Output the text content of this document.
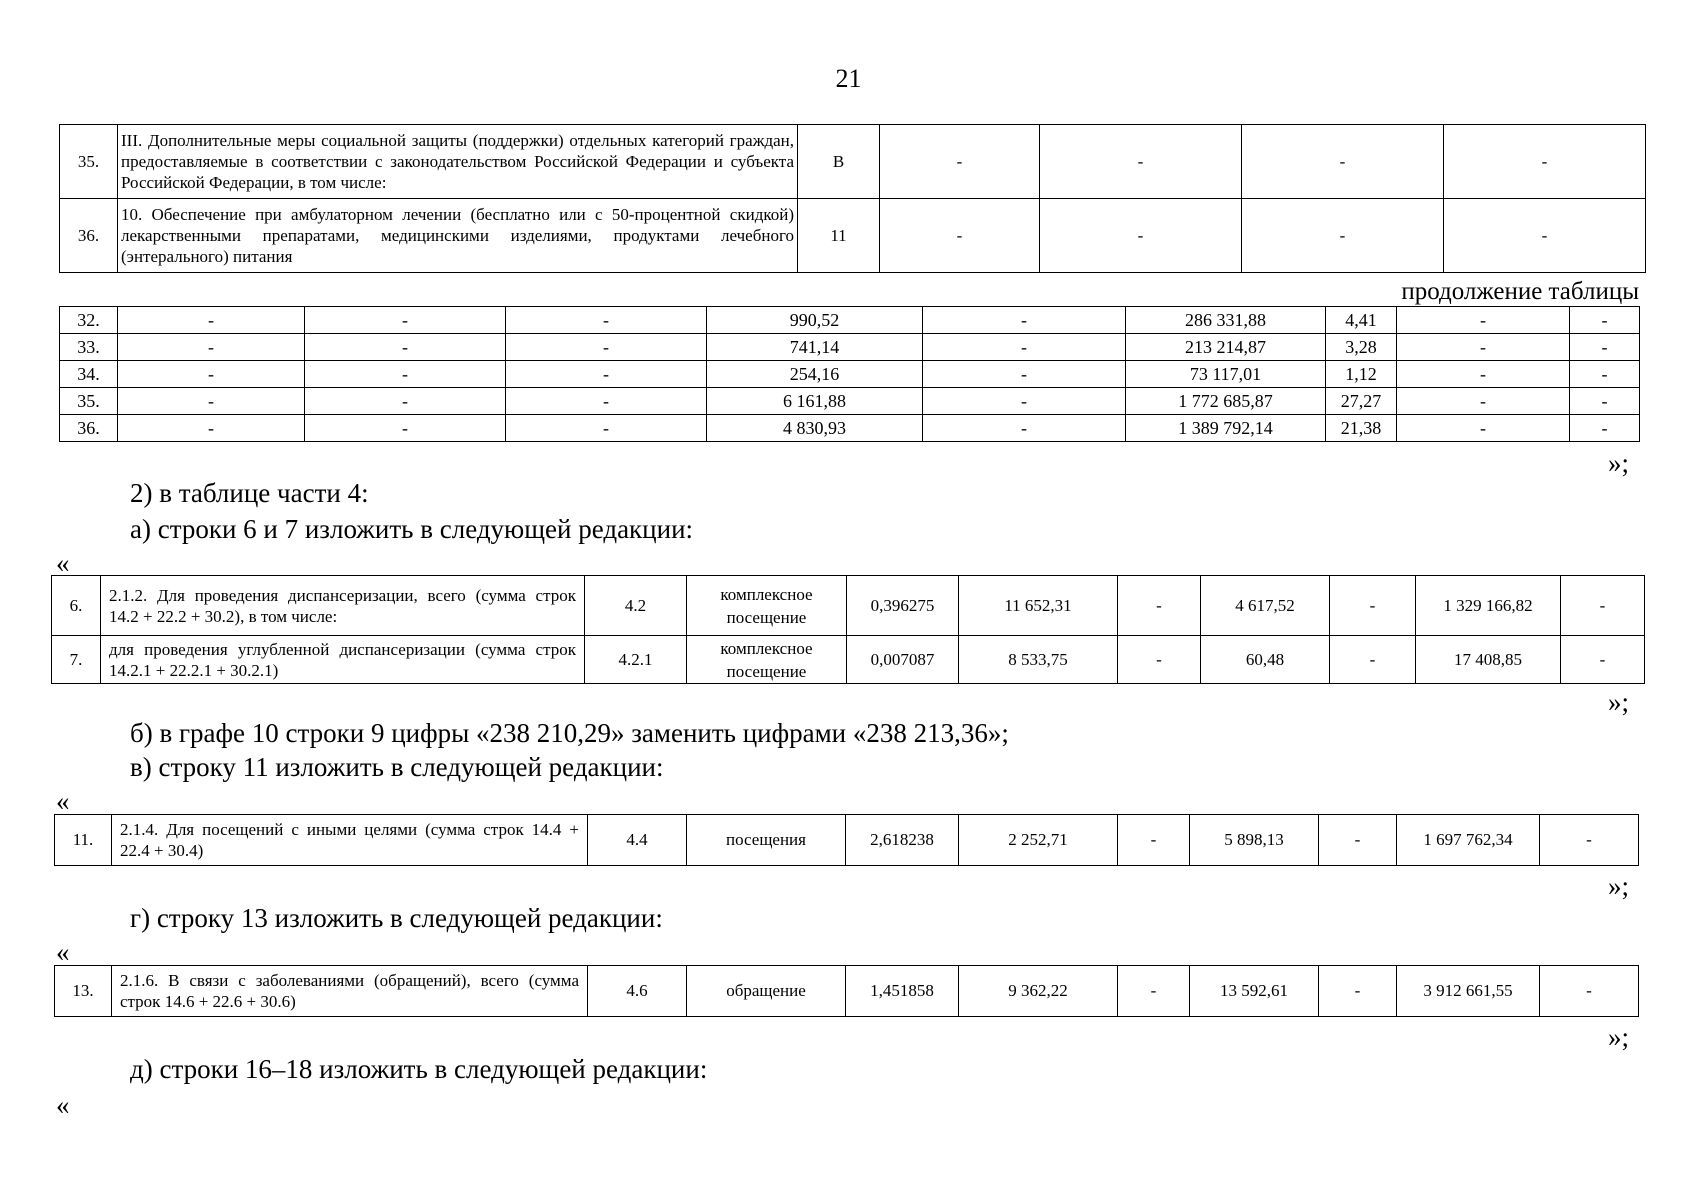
21
35.	III. Дополнительные меры социальной защиты (поддержки) отдельных категорий граждан, предоставляемые в соответствии с законодательством Российской Федерации и субъекта Российской Федерации, в том числе:	В	-	-	-	-
36.	10. Обеспечение при амбулаторном лечении (бесплатно или с 50-процентной скидкой) лекарственными препаратами, медицинскими изделиями, продуктами лечебного (энтерального) питания	11	-	-	-	-
продолжение таблицы
32.	-	-	-	990,52	-	286 331,88	4,41	-	-
33.	-	-	-	741,14	-	213 214,87	3,28	-	-
34.	-	-	-	254,16	-	73 117,01	1,12	-	-
35.	-	-	-	6 161,88	-	1 772 685,87	27,27	-	-
36.	-	-	-	4 830,93	-	1 389 792,14	21,38	-	-
»;
2) в таблице части 4:
а) строки 6 и 7 изложить в следующей редакции:
«
6.	2.1.2. Для проведения диспансеризации, всего (сумма строк 14.2 + 22.2 + 30.2), в том числе:	4.2	комплексное посещение	0,396275	11 652,31	-	4 617,52	-	1 329 166,82	-
7.	для проведения углубленной диспансеризации (сумма строк 14.2.1 + 22.2.1 + 30.2.1)	4.2.1	комплексное посещение	0,007087	8 533,75	-	60,48	-	17 408,85	-
»;
б) в графе 10 строки 9 цифры «238 210,29» заменить цифрами «238 213,36»;
в) строку 11 изложить в следующей редакции:
«
11.	2.1.4. Для посещений с иными целями (сумма строк 14.4 + 22.4 + 30.4)	4.4	посещения	2,618238	2 252,71	-	5 898,13	-	1 697 762,34	-
»;
г) строку 13 изложить в следующей редакции:
«
13.	2.1.6. В связи с заболеваниями (обращений), всего (сумма строк 14.6 + 22.6 + 30.6)	4.6	обращение	1,451858	9 362,22	-	13 592,61	-	3 912 661,55	-
»;
д) строки 16–18 изложить в следующей редакции:
«
